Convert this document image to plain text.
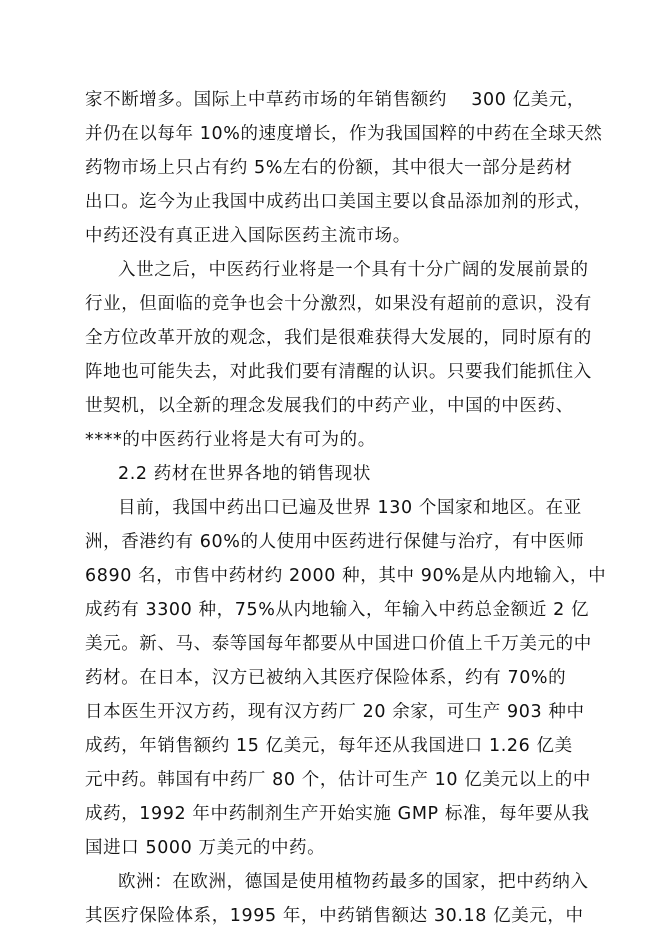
家不断增多。国际上中草药市场的年销售额约　 300 亿美元，
并仍在以每年 10%的速度增长，作为我国国粹的中药在全球天然
药物市场上只占有约 5%左右的份额，其中很大一部分是药材
出口。迄今为止我国中成药出口美国主要以食品添加剂的形式，
中药还没有真正进入国际医药主流市场。
入世之后，中医药行业将是一个具有十分广阔的发展前景的
行业，但面临的竞争也会十分激烈，如果没有超前的意识，没有
全方位改革开放的观念，我们是很难获得大发展的，同时原有的
阵地也可能失去，对此我们要有清醒的认识。只要我们能抓住入
世契机，以全新的理念发展我们的中药产业，中国的中医药、
****的中医药行业将是大有可为的。
2.2 药材在世界各地的销售现状
目前，我国中药出口已遍及世界 130 个国家和地区。在亚
洲，香港约有 60%的人使用中医药进行保健与治疗，有中医师
6890 名，市售中药材约 2000 种，其中 90%是从内地输入，中
成药有 3300 种，75%从内地输入，年输入中药总金额近 2 亿
美元。新、马、泰等国每年都要从中国进口价值上千万美元的中
药材。在日本，汉方已被纳入其医疗保险体系，约有 70%的
日本医生开汉方药，现有汉方药厂 20 余家，可生产 903 种中
成药，年销售额约 15 亿美元，每年还从我国进口 1.26 亿美
元中药。韩国有中药厂 80 个，估计可生产 10 亿美元以上的中
成药，1992 年中药制剂生产开始实施 GMP 标准，每年要从我
国进口 5000 万美元的中药。
欧洲：在欧洲，德国是使用植物药最多的国家，把中药纳入
其医疗保险体系，1995 年，中药销售额达 30.18 亿美元，中
